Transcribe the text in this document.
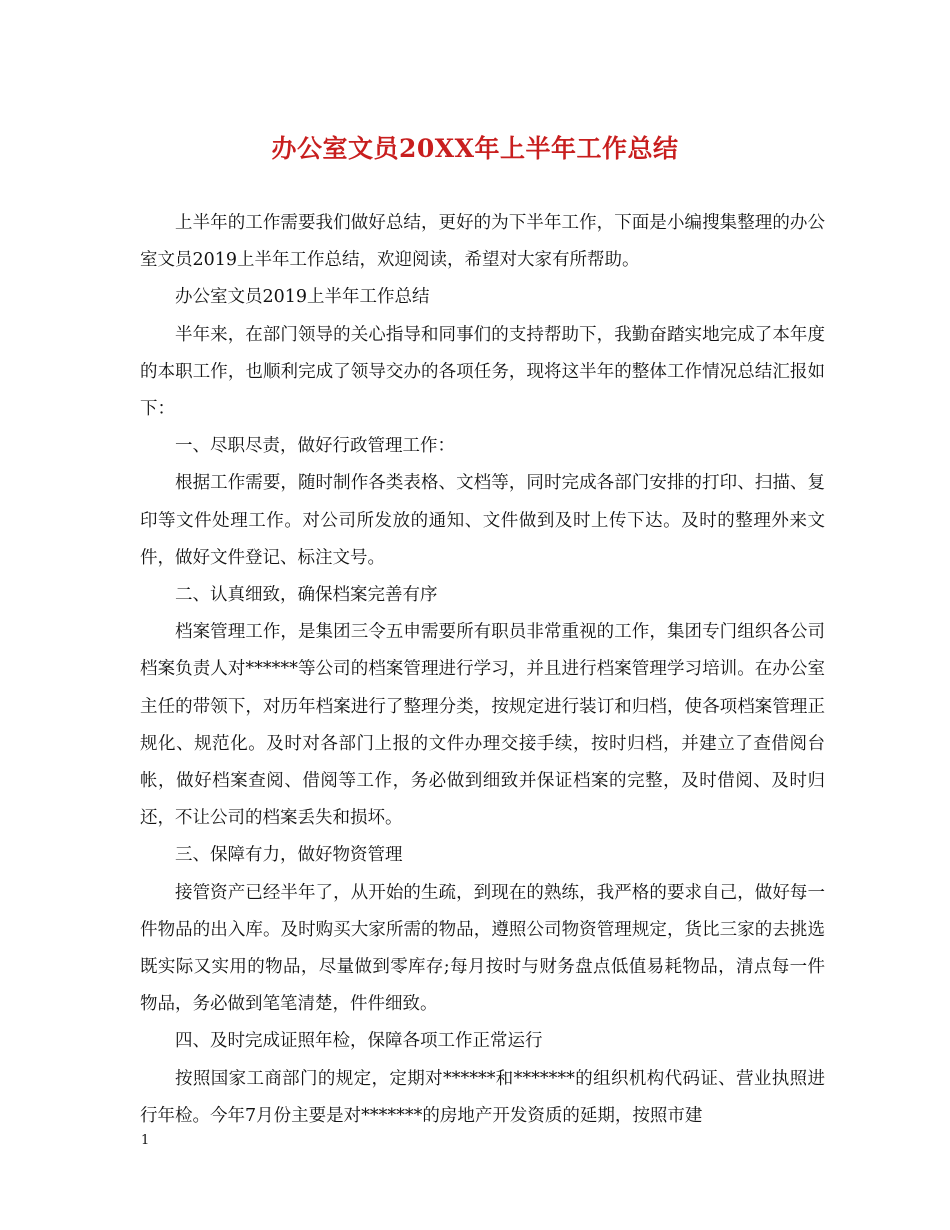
办公室文员20XX年上半年工作总结

上半年的工作需要我们做好总结，更好的为下半年工作，下面是小编搜集整理的办公室文员2019上半年工作总结，欢迎阅读，希望对大家有所帮助。

办公室文员2019上半年工作总结

半年来，在部门领导的关心指导和同事们的支持帮助下，我勤奋踏实地完成了本年度的本职工作，也顺利完成了领导交办的各项任务，现将这半年的整体工作情况总结汇报如下：

一、尽职尽责，做好行政管理工作：

根据工作需要，随时制作各类表格、文档等，同时完成各部门安排的打印、扫描、复印等文件处理工作。对公司所发放的通知、文件做到及时上传下达。及时的整理外来文件，做好文件登记、标注文号。

二、认真细致，确保档案完善有序

档案管理工作，是集团三令五申需要所有职员非常重视的工作，集团专门组织各公司档案负责人对******等公司的档案管理进行学习，并且进行档案管理学习培训。在办公室主任的带领下，对历年档案进行了整理分类，按规定进行装订和归档，使各项档案管理正规化、规范化。及时对各部门上报的文件办理交接手续，按时归档，并建立了查借阅台帐，做好档案查阅、借阅等工作，务必做到细致并保证档案的完整，及时借阅、及时归还，不让公司的档案丢失和损坏。

三、保障有力，做好物资管理

接管资产已经半年了，从开始的生疏，到现在的熟练，我严格的要求自己，做好每一件物品的出入库。及时购买大家所需的物品，遵照公司物资管理规定，货比三家的去挑选既实际又实用的物品，尽量做到零库存;每月按时与财务盘点低值易耗物品，清点每一件物品，务必做到笔笔清楚，件件细致。

四、及时完成证照年检，保障各项工作正常运行

按照国家工商部门的规定，定期对******和*******的组织机构代码证、营业执照进行年检。今年7月份主要是对*******的房地产开发资质的延期，按照市建

1
